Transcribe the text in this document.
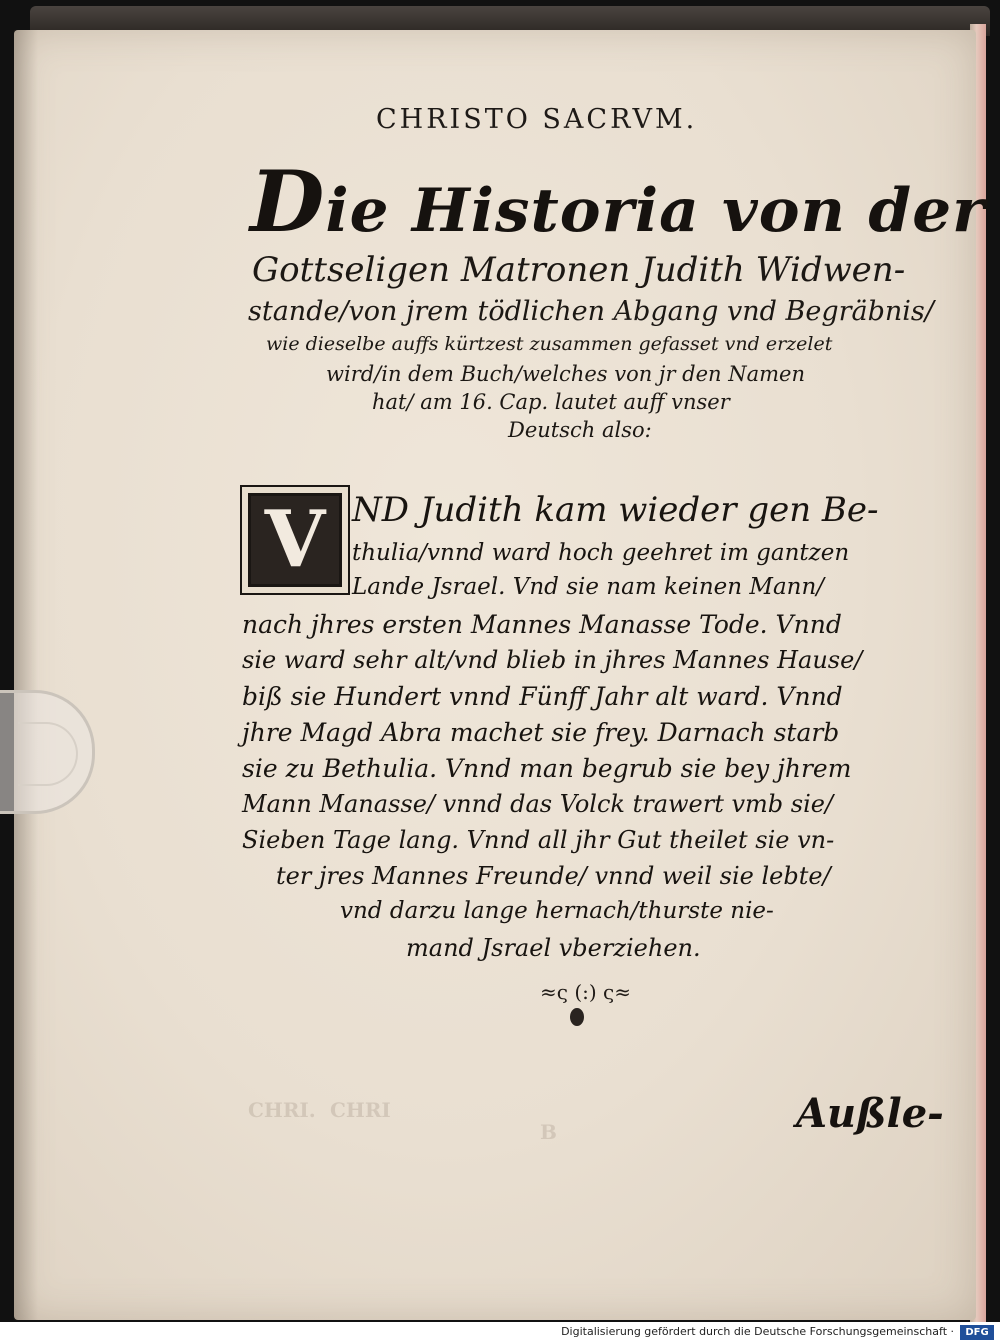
CHRI.
B
CHRI
CHRISTO SACRVM.
Die Historia von der
Gottseligen Matronen Judith Widwen-
stande/von jrem tödlichen Abgang vnd Begräbnis/
wie dieselbe auffs kürtzest zusammen gefasset vnd erzelet
wird/in dem Buch/welches von jr den Namen
hat/ am 16. Cap. lautet auff vnser
Deutsch also:
V ND Judith kam wieder gen Be-
thulia/vnnd ward hoch geehret im gantzen
Lande Jsrael. Vnd sie nam keinen Mann/
nach jhres ersten Mannes Manasse Tode. Vnnd
sie ward sehr alt/vnd blieb in jhres Mannes Hause/
biß sie Hundert vnnd Fünff Jahr alt ward. Vnnd
jhre Magd Abra machet sie frey. Darnach starb
sie zu Bethulia. Vnnd man begrub sie bey jhrem
Mann Manasse/ vnnd das Volck trawert vmb sie/
Sieben Tage lang. Vnnd all jhr Gut theilet sie vn-
ter jres Mannes Freunde/ vnnd weil sie lebte/
vnd darzu lange hernach/thurste nie-
mand Jsrael vberziehen.
≈ς (:) ς≈
Außle-
Digitalisierung gefördert durch die Deutsche Forschungsgemeinschaft ·	DFG
